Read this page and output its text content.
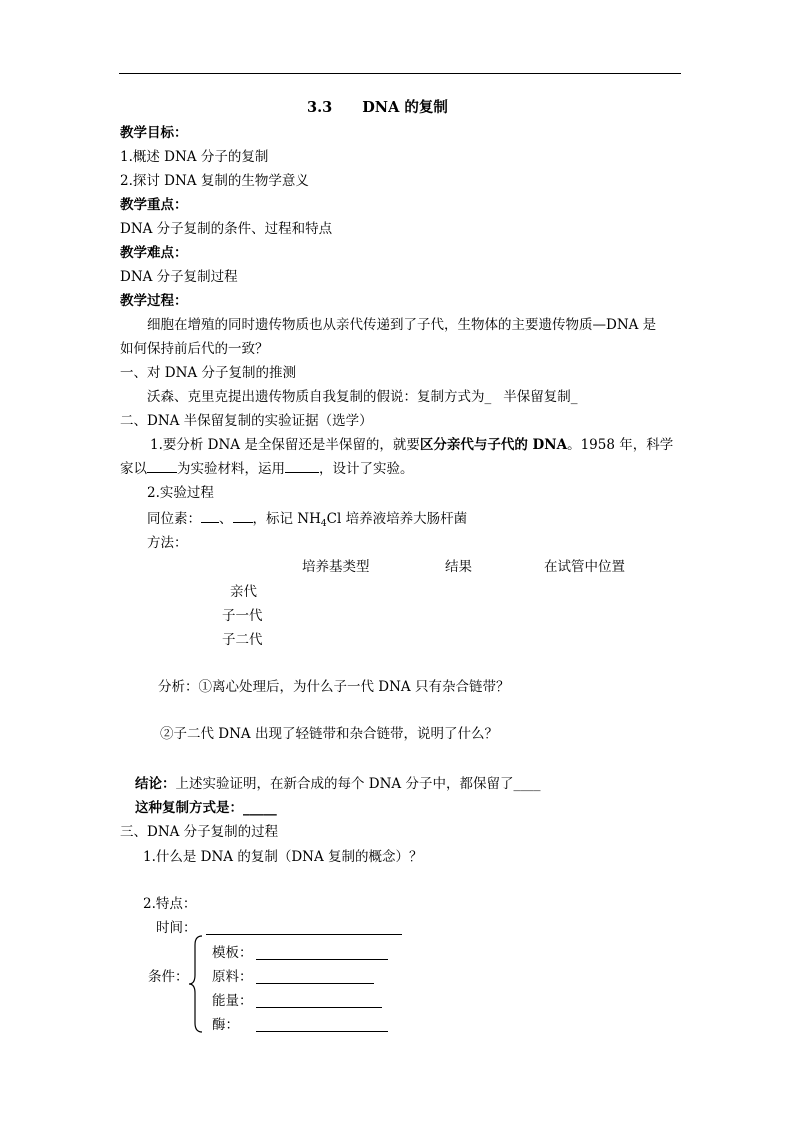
3.3 DNA 的复制
教学目标：
1.概述 DNA 分子的复制
2.探讨 DNA 复制的生物学意义
教学重点：
DNA 分子复制的条件、过程和特点
教学难点：
DNA 分子复制过程
教学过程：
细胞在增殖的同时遗传物质也从亲代传递到了子代，生物体的主要遗传物质—DNA 是
如何保持前后代的一致？
一、对 DNA 分子复制的推测
沃森、克里克提出遗传物质自我复制的假说：复制方式为_ 半保留复制_
二、DNA 半保留复制的实验证据（选学）
1.要分析 DNA 是全保留还是半保留的，就要区分亲代与子代的 DNA。1958 年，科学
家以 为实验材料，运用	，设计了实验。
2.实验过程
同位素： 、 ，标记 $NH_4Cl$ 培养液培养大肠杆菌
方法：
培养基类型	结果	在试管中位置
亲代
子一代
子二代
分析：①离心处理后，为什么子一代 DNA 只有杂合链带？
②子二代 DNA 出现了轻链带和杂合链带，说明了什么？
结论：上述实验证明，在新合成的每个 DNA 分子中，都保留了____
这种复制方式是：_____
三、DNA 分子复制的过程
1.什么是 DNA 的复制（DNA 复制的概念）？
2.特点：
时间：
条件：
模板：
原料：
能量：
酶：
